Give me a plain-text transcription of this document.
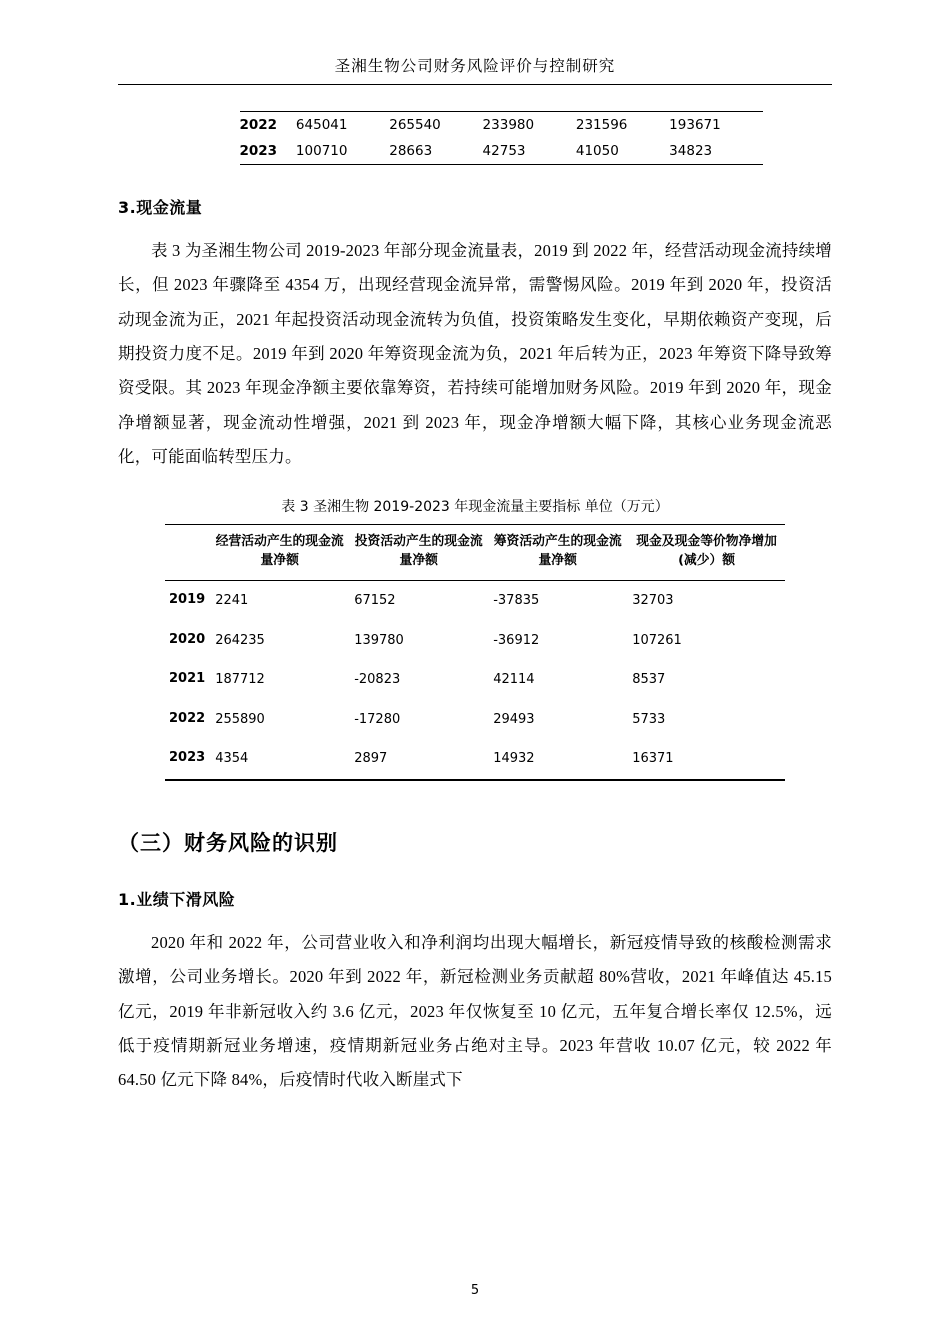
圣湘生物公司财务风险评价与控制研究
2022	645041	265540	233980	231596	193671
2023	100710	28663	42753	41050	34823
3.现金流量

表 3 为圣湘生物公司 2019-2023 年部分现金流量表，2019 到 2022 年，经营活动现金流持续增长，但 2023 年骤降至 4354 万，出现经营现金流异常，需警惕风险。2019 年到 2020 年，投资活动现金流为正，2021 年起投资活动现金流转为负值，投资策略发生变化，早期依赖资产变现，后期投资力度不足。2019 年到 2020 年筹资现金流为负，2021 年后转为正，2023 年筹资下降导致筹资受限。其 2023 年现金净额主要依靠筹资，若持续可能增加财务风险。2019 年到 2020 年，现金净增额显著，现金流动性增强，2021 到 2023 年，现金净增额大幅下降，其核心业务现金流恶化，可能面临转型压力。

表 3 圣湘生物 2019-2023 年现金流量主要指标 单位（万元）
	经营活动产生的现金流量净额	投资活动产生的现金流量净额	筹资活动产生的现金流量净额	现金及现金等价物净增加(减少）额
2019	2241	67152	-37835	32703
2020	264235	139780	-36912	107261
2021	187712	-20823	42114	8537
2022	255890	-17280	29493	5733
2023	4354	2897	14932	16371
（三）财务风险的识别
1.业绩下滑风险

2020 年和 2022 年，公司营业收入和净利润均出现大幅增长，新冠疫情导致的核酸检测需求激增，公司业务增长。2020 年到 2022 年，新冠检测业务贡献超 80%营收，2021 年峰值达 45.15 亿元，2019 年非新冠收入约 3.6 亿元，2023 年仅恢复至 10 亿元，五年复合增长率仅 12.5%，远低于疫情期新冠业务增速，疫情期新冠业务占绝对主导。2023 年营收 10.07 亿元，较 2022 年 64.50 亿元下降 84%，后疫情时代收入断崖式下

5
